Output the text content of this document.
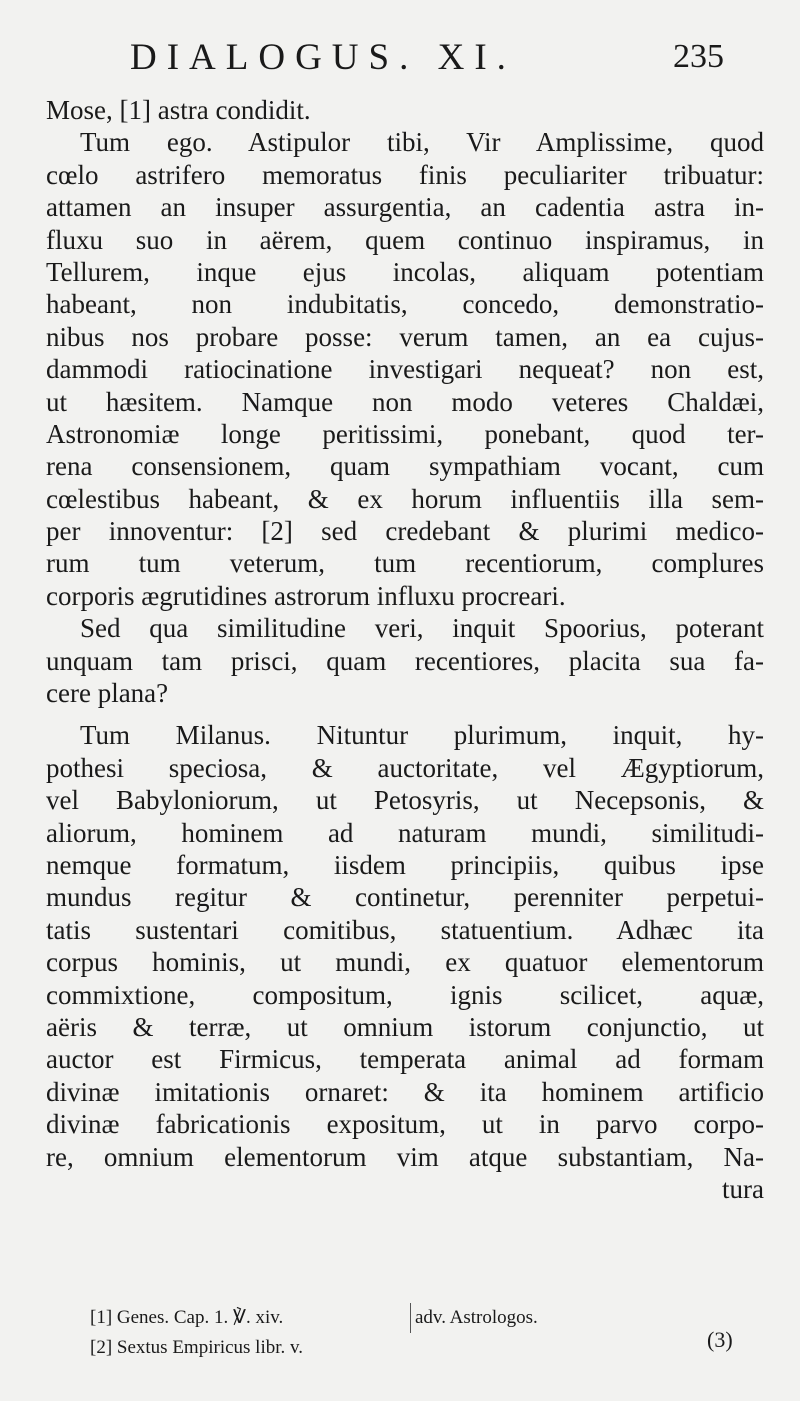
DIALOGUS. XI.	235
Mose, [1] astra condidit.
Tum ego. Astipulor tibi, Vir Amplissime, quod
cœlo astrifero memoratus finis peculiariter tribuatur:
attamen an insuper assurgentia, an cadentia astra in-
fluxu suo in aërem, quem continuo inspiramus, in
Tellurem, inque ejus incolas, aliquam potentiam
habeant, non indubitatis, concedo, demonstratio-
nibus nos probare posse: verum tamen, an ea cujus-
dammodi ratiocinatione investigari nequeat? non est,
ut hæsitem. Namque non modo veteres Chaldæi,
Astronomiæ longe peritissimi, ponebant, quod ter-
rena consensionem, quam sympathiam vocant, cum
cœlestibus habeant, & ex horum influentiis illa sem-
per innoventur: [2] sed credebant & plurimi medico-
rum tum veterum, tum recentiorum, complures
corporis ægrutidines astrorum influxu procreari.
Sed qua similitudine veri, inquit Spoorius, poterant
unquam tam prisci, quam recentiores, placita sua fa-
cere plana?
Tum Milanus. Nituntur plurimum, inquit, hy-
pothesi speciosa, & auctoritate, vel Ægyptiorum,
vel Babyloniorum, ut Petosyris, ut Necepsonis, &
aliorum, hominem ad naturam mundi, similitudi-
nemque formatum, iisdem principiis, quibus ipse
mundus regitur & continetur, perenniter perpetui-
tatis sustentari comitibus, statuentium. Adhæc ita
corpus hominis, ut mundi, ex quatuor elementorum
commixtione, compositum, ignis scilicet, aquæ,
aëris & terræ, ut omnium istorum conjunctio, ut
auctor est Firmicus, temperata animal ad formam
divinæ imitationis ornaret: & ita hominem artificio
divinæ fabricationis expositum, ut in parvo corpo-
re, omnium elementorum vim atque substantiam, Na-
tura
[1] Genes. Cap. 1. ℣. xiv.	adv. Astrologos.
[2] Sextus Empiricus libr. v.	(3)
